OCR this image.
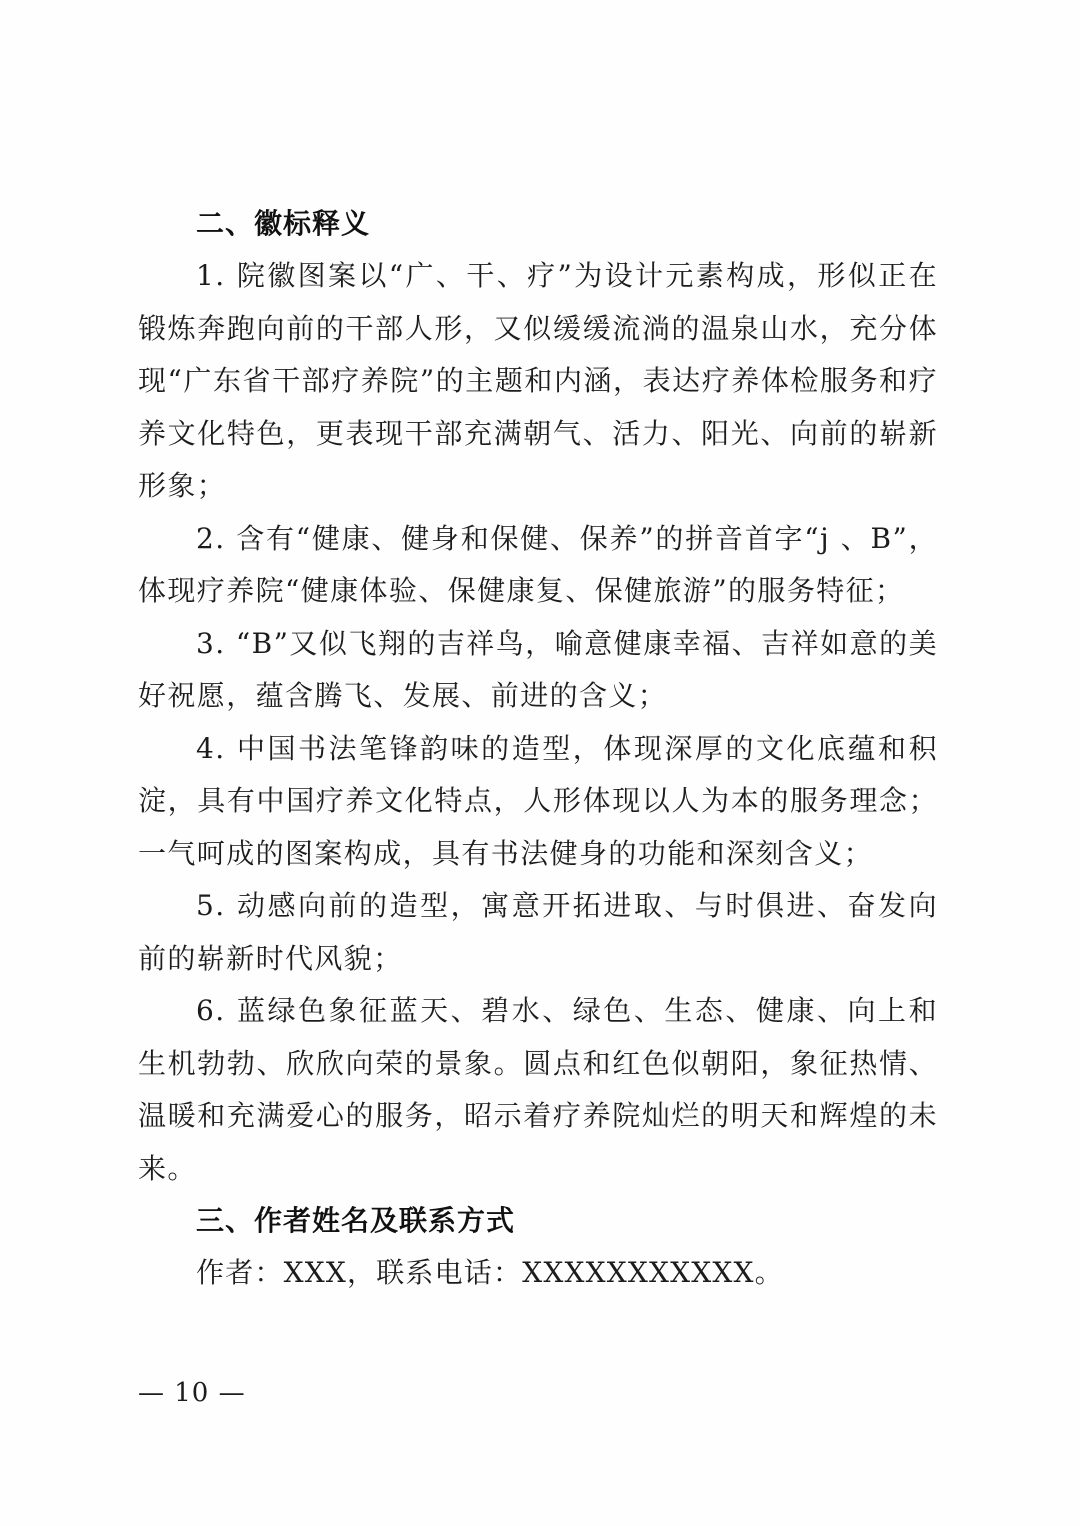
二、徽标释义

1. 院徽图案以“广、干、疗”为设计元素构成，形似正在锻炼奔跑向前的干部人形，又似缓缓流淌的温泉山水，充分体现“广东省干部疗养院”的主题和内涵，表达疗养体检服务和疗养文化特色，更表现干部充满朝气、活力、阳光、向前的崭新形象；

2. 含有“健康、健身和保健、保养”的拼音首字“j 、B”，体现疗养院“健康体验、保健康复、保健旅游”的服务特征；

3. “B”又似飞翔的吉祥鸟，喻意健康幸福、吉祥如意的美好祝愿，蕴含腾飞、发展、前进的含义；

4. 中国书法笔锋韵味的造型，体现深厚的文化底蕴和积淀，具有中国疗养文化特点，人形体现以人为本的服务理念；一气呵成的图案构成，具有书法健身的功能和深刻含义；

5. 动感向前的造型，寓意开拓进取、与时俱进、奋发向前的崭新时代风貌；

6. 蓝绿色象征蓝天、碧水、绿色、生态、健康、向上和生机勃勃、欣欣向荣的景象。圆点和红色似朝阳，象征热情、温暖和充满爱心的服务，昭示着疗养院灿烂的明天和辉煌的未来。

三、作者姓名及联系方式

作者：XXX，联系电话：XXXXXXXXXXX。

— 10 —
